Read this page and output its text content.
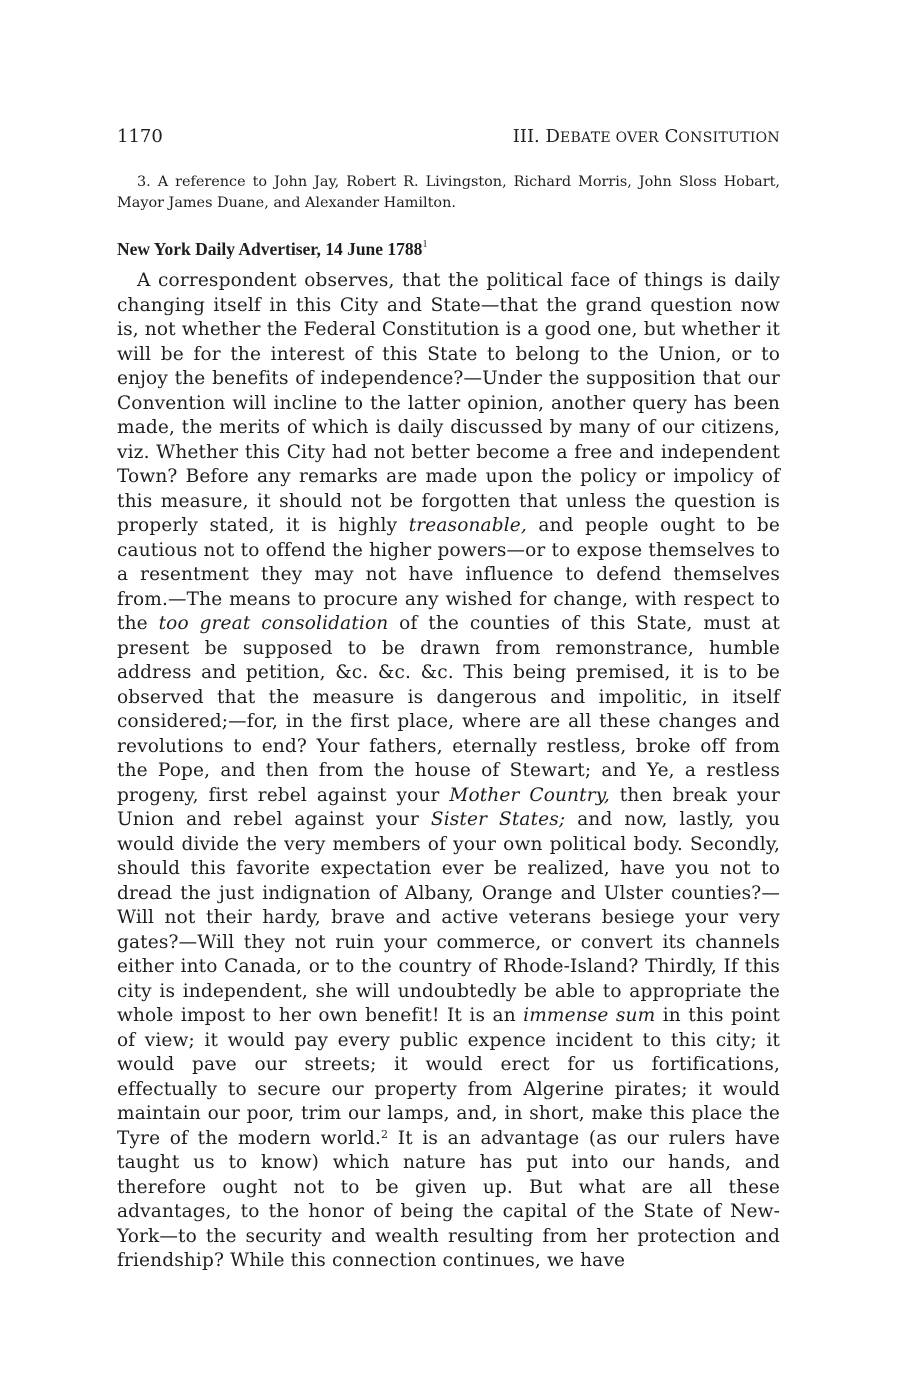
1170	III. DEBATE OVER CONSITUTION
3. A reference to John Jay, Robert R. Livingston, Richard Morris, John Sloss Hobart, Mayor James Duane, and Alexander Hamilton.
New York Daily Advertiser, 14 June 1788$^1$

A correspondent observes, that the political face of things is daily changing itself in this City and State—that the grand question now is, not whether the Federal Constitution is a good one, but whether it will be for the interest of this State to belong to the Union, or to enjoy the benefits of independence?—Under the supposition that our Convention will incline to the latter opinion, another query has been made, the merits of which is daily discussed by many of our citizens, viz. Whether this City had not better become a free and independent Town? Before any remarks are made upon the policy or impolicy of this measure, it should not be forgotten that unless the question is properly stated, it is highly treasonable, and people ought to be cautious not to offend the higher powers—or to expose themselves to a resentment they may not have influence to defend themselves from.—The means to procure any wished for change, with respect to the too great consolidation of the counties of this State, must at present be supposed to be drawn from remonstrance, humble address and petition, &c. &c. &c. This being premised, it is to be observed that the measure is dangerous and impolitic, in itself considered;—for, in the first place, where are all these changes and revolutions to end? Your fathers, eternally restless, broke off from the Pope, and then from the house of Stewart; and Ye, a restless progeny, first rebel against your Mother Country, then break your Union and rebel against your Sister States; and now, lastly, you would divide the very members of your own political body. Secondly, should this favorite expectation ever be realized, have you not to dread the just indignation of Albany, Orange and Ulster counties?—Will not their hardy, brave and active veterans besiege your very gates?—Will they not ruin your commerce, or convert its channels either into Canada, or to the country of Rhode-Island? Thirdly, If this city is independent, she will undoubtedly be able to appropriate the whole impost to her own benefit! It is an immense sum in this point of view; it would pay every public expence incident to this city; it would pave our streets; it would erect for us fortifications, effectually to secure our property from Algerine pirates; it would maintain our poor, trim our lamps, and, in short, make this place the Tyre of the modern world.$^2$ It is an advantage (as our rulers have taught us to know) which nature has put into our hands, and therefore ought not to be given up. But what are all these advantages, to the honor of being the capital of the State of New-York—to the security and wealth resulting from her protection and friendship? While this connection continues, we have
